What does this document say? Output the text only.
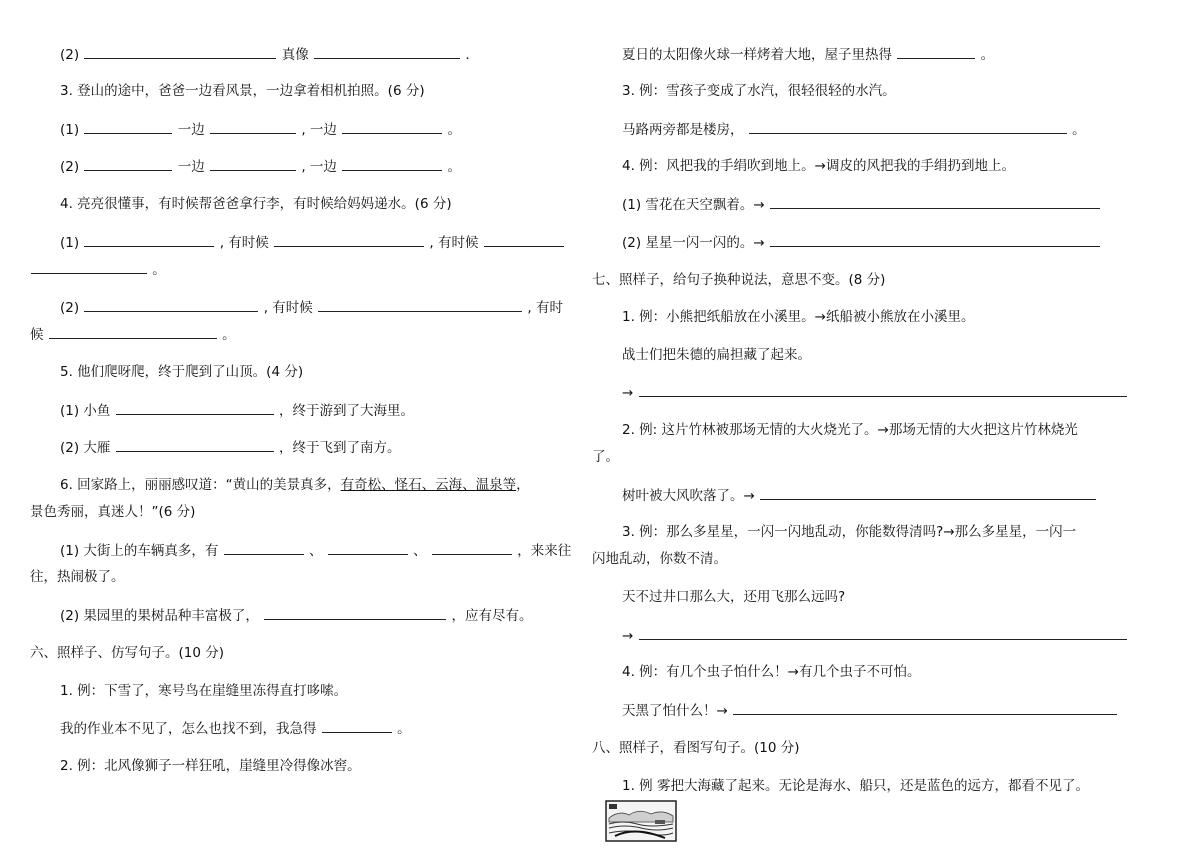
(2)	真像	.
3. 登山的途中，爸爸一边看风景，一边拿着相机拍照。(6 分)
(1)	一边	, 一边	。
(2)	一边	, 一边	。
4. 亮亮很懂事，有时候帮爸爸拿行李，有时候给妈妈递水。(6 分)
(1)	, 有时候	, 有时候
。
(2)	, 有时候	, 有时
候	。
5. 他们爬呀爬，终于爬到了山顶。(4 分)
(1) 小鱼	，终于游到了大海里。
(2) 大雁	，终于飞到了南方。
6. 回家路上，丽丽感叹道：“黄山的美景真多，有奇松、怪石、云海、温泉等，
景色秀丽，真迷人！”(6 分)
(1) 大街上的车辆真多，有	、	、	，来来往
往，热闹极了。
(2) 果园里的果树品种丰富极了，	，应有尽有。
六、照样子、仿写句子。(10 分)
1. 例：下雪了，寒号鸟在崖缝里冻得直打哆嗦。
我的作业本不见了，怎么也找不到，我急得	。
2. 例：北风像狮子一样狂吼，崖缝里冷得像冰窖。
夏日的太阳像火球一样烤着大地，屋子里热得	。
3. 例：雪孩子变成了水汽，很轻很轻的水汽。
马路两旁都是楼房，	。
4. 例：风把我的手绢吹到地上。→调皮的风把我的手绢扔到地上。
(1) 雪花在天空飘着。→
(2) 星星一闪一闪的。→
七、照样子，给句子换种说法，意思不变。(8 分)
1. 例：小熊把纸船放在小溪里。→纸船被小熊放在小溪里。
战士们把朱德的扁担藏了起来。
→
2. 例: 这片竹林被那场无情的大火烧光了。→那场无情的大火把这片竹林烧光
了。
树叶被大风吹落了。→
3. 例：那么多星星，一闪一闪地乱动，你能数得清吗?→那么多星星，一闪一
闪地乱动，你数不清。
天不过井口那么大，还用飞那么远吗?
→
4. 例：有几个虫子怕什么！→有几个虫子不可怕。
天黑了怕什么！→
八、照样子，看图写句子。(10 分)
1. 例 雾把大海藏了起来。无论是海水、船只，还是蓝色的远方，都看不见了。
